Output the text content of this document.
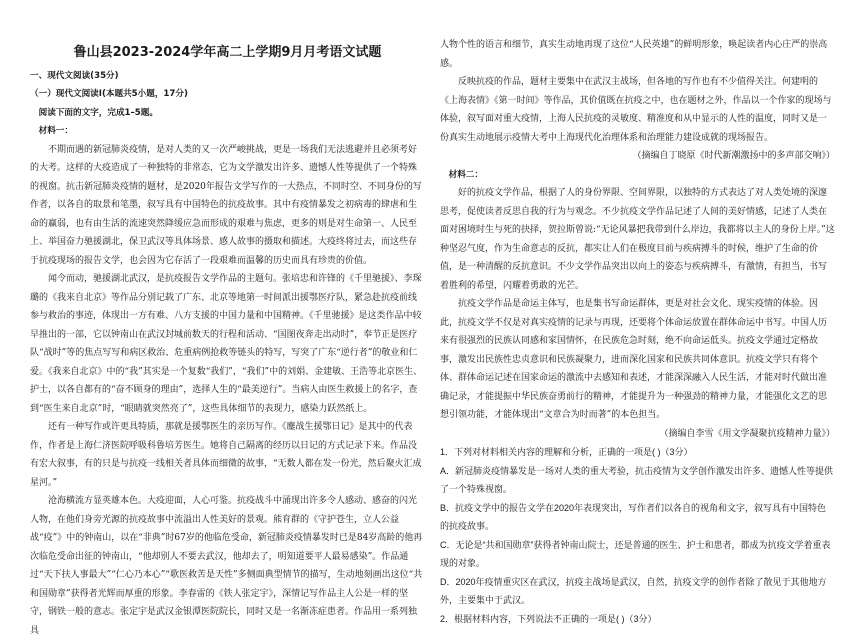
鲁山县2023-2024学年高二上学期9月月考语文试题

一、现代文阅读(35分)

（一）现代文阅读I(本题共5小题，17分)

阅读下面的文字，完成1–5题。

材料一：

不期而遇的新冠肺炎疫情，是对人类的又一次严峻挑战，更是一场我们无法逃避并且必须考好的大考。这样的大疫造成了一种独特的非常态，它为文学激发出许多、遗憾人性等提供了一个特殊的视窗。抗击新冠肺炎疫情的题材，是2020年报告文学写作的一大热点，不同时空、不同身份的写作者，以各自的取景和笔墨，叙写具有中国特色的抗疫故事。其中有疫情暴发之初病毒的肆虐和生命的赢弱，也有由生活的流速突然降缓应急而形成的艰难与焦虑，更多的则是对生命第一、人民至上、举国奋力驰援湖北，保卫武汉等具体场景、感人故事的摄取和描述。大疫终将过去，而这些存于抗疫现场的报告文学，也会因为它存活了一段艰难而温馨的历史而具有珍贵的价值。

闻令而动，驰援湖北武汉，是抗疫报告文学作品的主题句。张培忠和许锋的《千里驰援》、李琛璐的《我来自北京》等作品分别记载了广东、北京等地第一时间派出援鄂医疗队，紧急赴抗疫前线参与救治的事迹，体现出一方有难、八方支援的中国力量和中国精神。《千里驰援》是这类作品中较早推出的一部，它以钟南山在武汉封城前数天的行程和活动、“国图夜奔走出动时”，奉节正是医疗队“战时”等的焦点写写和病区救治、危重病例抢救等链头的特写，写突了广东“逆行者”的敬业和仁爱。《我来自北京》中的“我”其实是一个复数“我们”，“我们”中的刘娟、金建敏、王浩等北京医生、护士，以各自都有的“奋不顾身的理由”，选择人生的“最美逆行”。当病人由医生救援上的名字，查到“医生来自北京”时，“眼睛就突然亮了”，这些具体细节的表现力，感染力跃然纸上。

还有一种写作或许更具特质，那就是援鄂医生的亲历写作。《鏖战生援鄂日记》是其中的代表作，作者是上海仁济医院呼吸科鲁培芳医生。她将自己隔离的经历以日记的方式记录下来。作品没有宏大叙事，有的只是与抗疫一线相关者具体而细微的故事，“无数人都在发一份光，然后聚火汇成星河。”

沧海横流方显英雄本色。大疫迎面，人心可鉴。抗疫战斗中涌现出许多令人感动、感奋的闪光人物，在他们身旁光源的抗疫故事中流溢出人性美好的景观。熊育群的《守护苍生，立人公益战“疫”》中的钟南山，以在“非典”时67岁的他临危受命，新冠肺炎疫情暴发时已是84岁高龄的他再次临危受命出征的钟南山，“他却别人不要去武汉，他却去了，明知道要平人最易感染”。作品通过“天下扶人事最大”“仁心乃本心”“歌医救苦是天性”多侧面典型情节的描写，生动地刻画出这位“共和国勋章”获得者光辉而厚重的形象。李春雷的《铁人张定宇》，深情记写作品主人公是一样的坚守，钢铁一般的意志。张定宇是武汉金银潭医院院长，同时又是一名渐冻症患者。作品用一系列独具

人物个性的语言和细节，真实生动地再现了这位“人民英雄”的鲜明形象，唤起读者内心庄严的崇高感。

反映抗疫的作品，题材主要集中在武汉主战场，但各地的写作也有不少值得关注。何建明的《上海表情》《第一时间》等作品，其价值既在抗疫之中，也在题材之外，作品以一个作家的现场与体验，叙写面对重大疫情，上海人民抗疫的灵敏度、精准度和从中显示的人性的温度，同时又是一份真实生动地展示疫情大考中上海现代化治理体系和治理能力建设成就的现场报告。

（摘编自丁晓原《时代新潮激扬中的多声部交响》）

材料二：

好的抗疫文学作品，根据了人的身份界限、空间界限，以独特的方式表达了对人类处境的深邃思考，促使读者反思自我的行为与观念。不少抗疫文学作品记述了人间的美好情感，记述了人类在面对困境时生与死的抉择，贺拉斯曾说:“无论风暴把我带到什么岸边，我都将以主人的身份上岸。”这种坚忍气度，作为生命意志的反抗，都实让人们在极度目前与疾病搏斗的时候，维护了生命的价值，是一种清醒的反抗意识。不少文学作品突出以向上的姿态与疾病搏斗，有激情，有担当，书写着胜利的希望，闪耀着勇敢的光芒。

抗疫文学作品是命运主体写，也是集书写命运群体，更是对社会文化、现实疫情的体验。因此，抗疫文学不仅是对真实疫情的记录与再现，还要将个体命运放置在群体命运中书写。中国人历来有很强烈的民族认同感和家国情怀，在民族危急时刻，绝不向命运低头。抗疫文学通过定格故事，激发出民族性忠贞意识和民族凝聚力，进而深化国家和民族共同体意识。抗疫文学只有将个体、群体命运记述在国家命运的激流中去感知和表述，才能深深融入人民生活，才能对时代做出准确记录，才能提振中华民族奋勇前行的精神，才能提升为一种强劲的精神力量，才能强化文艺的思想引领功能，才能体现出“文章合为时而著”的本色担当。

（摘编自李雪《用文学凝聚抗疫精神力量》）

1．下列对材料相关内容的理解和分析，正确的一项是( )（3分）

A．新冠肺炎疫情暴发是一场对人类的重大考验，抗击疫情为文学创作激发出许多、遗憾人性等提供了一个特殊视窗。

B．抗疫文学中的报告文学在2020年表现突出，写作者们以各自的视角和文字，叙写具有中国特色的抗疫故事。

C．无论是“共和国勋章”获得者钟南山院士，还是普通的医生、护士和患者，都成为抗疫文学着重表现的对象。

D．2020年疫情重灾区在武汉，抗疫主战场是武汉，自然，抗疫文学的创作者除了散见于其他地方外，主要集中于武汉。

2．根据材料内容，下列说法不正确的一项是( )（3分）
